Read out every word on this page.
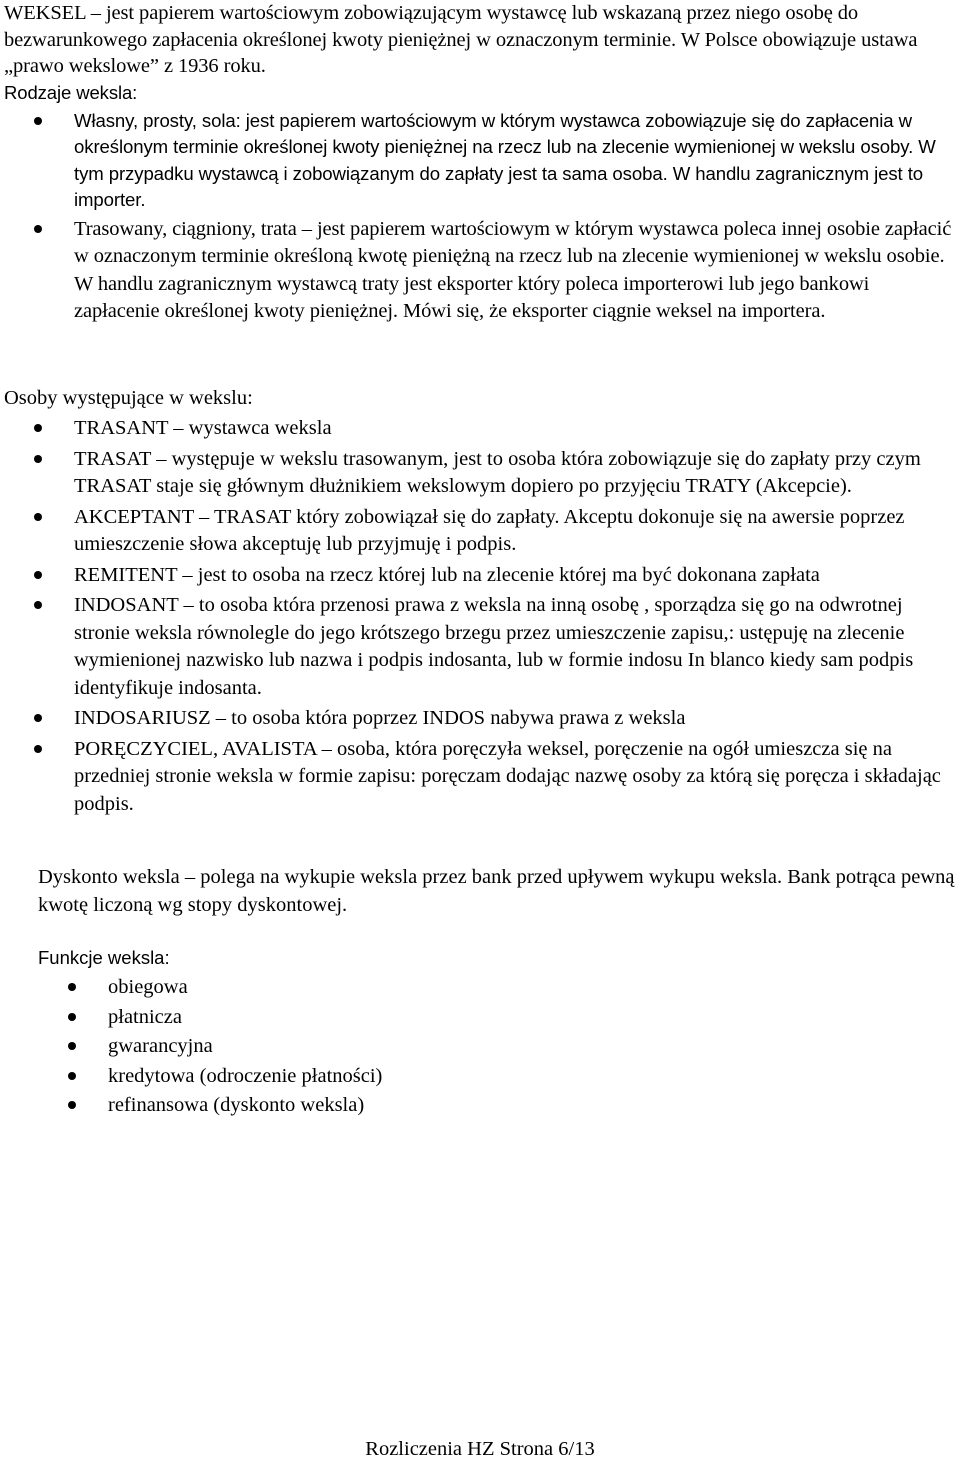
WEKSEL – jest papierem wartościowym zobowiązującym wystawcę lub wskazaną przez niego osobę do bezwarunkowego zapłacenia określonej kwoty pieniężnej w oznaczonym terminie. W Polsce obowiązuje ustawa „prawo wekslowe” z 1936 roku.
Rodzaje weksla:
Własny, prosty, sola: jest papierem wartościowym w którym wystawca zobowiązuje się do zapłacenia w określonym terminie określonej kwoty pieniężnej na rzecz lub na zlecenie wymienionej w wekslu osoby. W tym przypadku wystawcą i zobowiązanym do zapłaty jest ta sama osoba. W handlu zagranicznym jest to importer.
Trasowany, ciągniony, trata – jest papierem wartościowym w którym wystawca poleca innej osobie zapłacić w oznaczonym terminie określoną kwotę pieniężną na rzecz lub na zlecenie wymienionej w wekslu osobie. W handlu zagranicznym wystawcą traty jest eksporter który poleca importerowi lub jego bankowi zapłacenie określonej kwoty pieniężnej. Mówi się, że eksporter ciągnie weksel na importera.
Osoby występujące w wekslu:
TRASANT – wystawca weksla
TRASAT – występuje w wekslu trasowanym, jest to osoba która zobowiązuje się do zapłaty przy czym TRASAT staje się głównym dłużnikiem wekslowym dopiero po przyjęciu TRATY (Akcepcie).
AKCEPTANT – TRASAT który zobowiązał się do zapłaty. Akceptu dokonuje się na awersie poprzez umieszczenie słowa akceptuję lub przyjmuję i podpis.
REMITENT – jest to osoba na rzecz której lub na zlecenie której ma być dokonana zapłata
INDOSANT – to osoba która przenosi prawa z weksla na inną osobę , sporządza się go na odwrotnej stronie weksla równolegle do jego krótszego brzegu przez umieszczenie zapisu,: ustępuję na zlecenie wymienionej nazwisko lub nazwa i podpis indosanta, lub w formie indosu In blanco kiedy sam podpis identyfikuje indosanta.
INDOSARIUSZ – to osoba która poprzez INDOS nabywa prawa z weksla
PORĘCZYCIEL, AVALISTA – osoba, która poręczyła weksel, poręczenie na ogół umieszcza się na przedniej stronie weksla w formie zapisu: poręczam dodając nazwę osoby za którą się poręcza i składając podpis.
Dyskonto weksla – polega na wykupie weksla przez bank przed upływem wykupu weksla. Bank potrąca pewną kwotę liczoną wg stopy dyskontowej.
Funkcje weksla:
obiegowa
płatnicza
gwarancyjna
kredytowa (odroczenie płatności)
refinansowa (dyskonto weksla)
Rozliczenia HZ Strona 6/13
